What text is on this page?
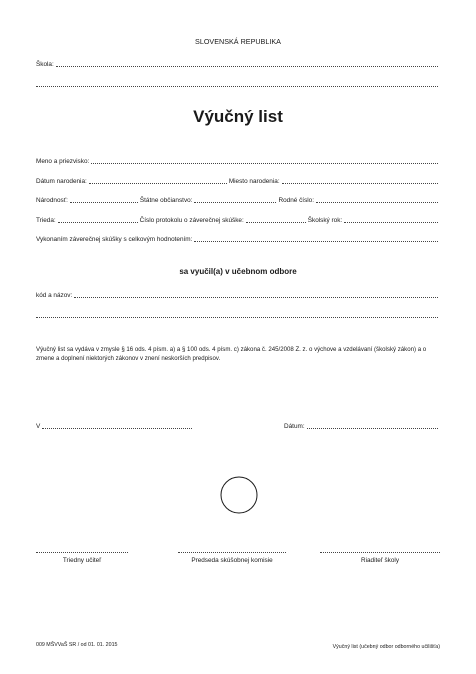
SLOVENSKÁ REPUBLIKA
Škola:
Výučný list
Meno a priezvisko:
Dátum narodenia:	Miesto narodenia:
Národnosť:	Štátne občianstvo:	Rodné číslo:
Trieda:	Číslo protokolu o záverečnej skúške:	Školský rok:
Vykonaním záverečnej skúšky s celkovým hodnotením:
sa vyučil(a) v učebnom odbore
kód a názov:
Výučný list sa vydáva v zmysle § 16 ods. 4 písm. a) a § 100 ods. 4 písm. c) zákona č. 245/2008 Z. z. o výchove a vzdelávaní (školský zákon) a o zmene a doplnení niektorých zákonov v znení neskorších predpisov.
V	Dátum:
Triedny učiteľ	Predseda skúšobnej komisie	Riaditeľ školy
009 MŠVVaŠ SR / od 01. 01. 2015	Výučný list (učebný odbor odborného učilišťa)
